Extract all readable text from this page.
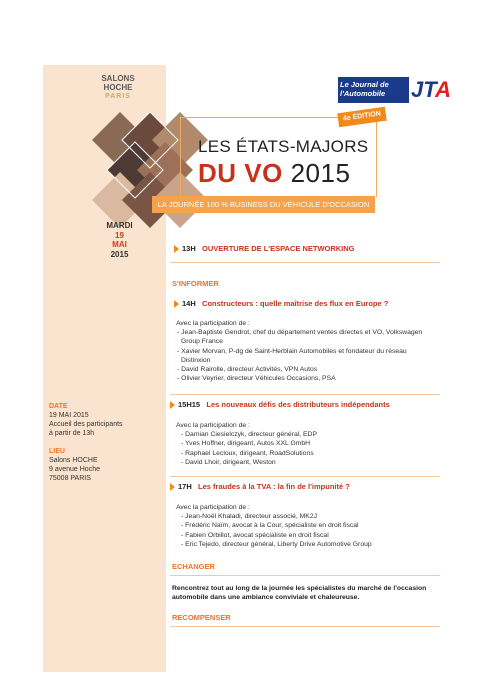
SALONS
HOCHE
PARIS
MARDI
19
MAI
2015
DATE
19 MAI 2015
Accueil des participants
à partir de 13h
LIEU
Salons HOCHE
9 avenue Hoche
75008 PARIS
Le Journal de
l'Automobile	JTA
4e ÉDITION
LES ÉTATS-MAJORS
DU VO 2015
LA JOURNÉE 100 % BUSINESS DU VÉHICULE D'OCCASION
13H OUVERTURE DE L'ESPACE NETWORKING
S'INFORMER
14H Constructeurs : quelle maîtrise des flux en Europe ?
Avec la participation de :
- Jean-Baptiste Gendrot, chef du département ventes directes et VO, Volkswagen Group France
- Xavier Morvan, P-dg de Saint-Herblain Automobiles et fondateur du réseau Distinxion
- David Rairolle, directeur Activités, VPN Autos
- Olivier Veyrier, directeur Véhicules Occasions, PSA
15H15 Les nouveaux défis des distributeurs indépendants
Avec la participation de :
- Damian Ciesielczyk, directeur général, EDP
- Yves Hoffner, dirigeant, Autos XXL GmbH
- Raphael Lecloux, dirigeant, RoadSolutions
- David Lhoir, dirigeant, Weston
17H Les fraudes à la TVA : la fin de l'impunité ?
Avec la participation de :
- Jean-Noël Khaladi, directeur associé, MK2J
- Frédéric Naïm, avocat à la Cour, spécialiste en droit fiscal
- Fabien Orbillot, avocat spécialiste en droit fiscal
- Eric Tejedo, directeur général, Liberty Drive Automotive Group
ECHANGER
Rencontrez tout au long de la journée les spécialistes du marché de l'occasion automobile dans une ambiance conviviale et chaleureuse.
RECOMPENSER
